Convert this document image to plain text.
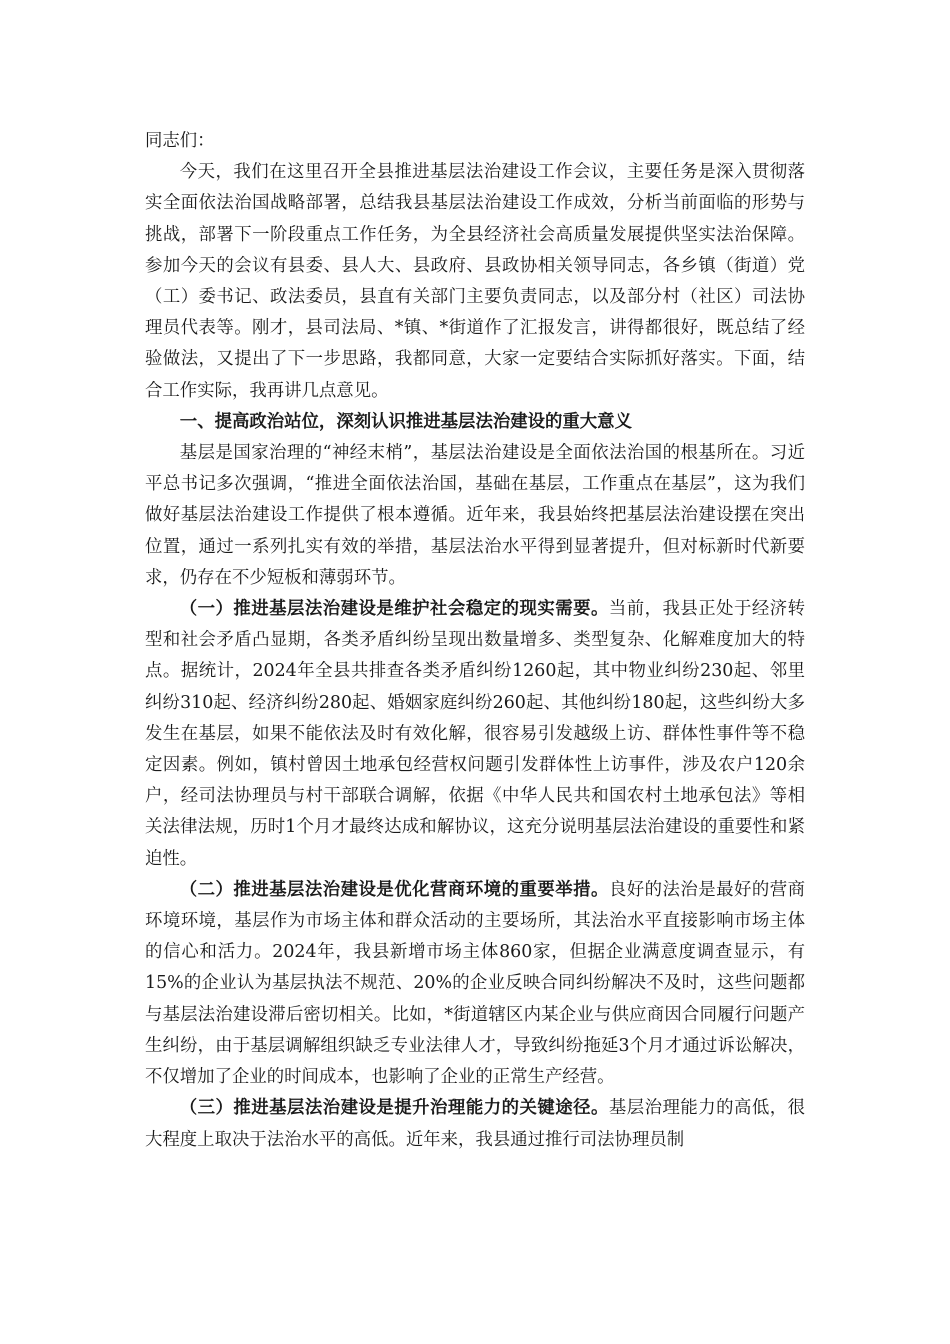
同志们：

今天，我们在这里召开全县推进基层法治建设工作会议，主要任务是深入贯彻落实全面依法治国战略部署，总结我县基层法治建设工作成效，分析当前面临的形势与挑战，部署下一阶段重点工作任务，为全县经济社会高质量发展提供坚实法治保障。参加今天的会议有县委、县人大、县政府、县政协相关领导同志，各乡镇（街道）党（工）委书记、政法委员，县直有关部门主要负责同志，以及部分村（社区）司法协理员代表等。刚才，县司法局、*镇、*街道作了汇报发言，讲得都很好，既总结了经验做法，又提出了下一步思路，我都同意，大家一定要结合实际抓好落实。下面，结合工作实际，我再讲几点意见。

一、提高政治站位，深刻认识推进基层法治建设的重大意义

基层是国家治理的“神经末梢”，基层法治建设是全面依法治国的根基所在。习近平总书记多次强调，“推进全面依法治国，基础在基层，工作重点在基层”，这为我们做好基层法治建设工作提供了根本遵循。近年来，我县始终把基层法治建设摆在突出位置，通过一系列扎实有效的举措，基层法治水平得到显著提升，但对标新时代新要求，仍存在不少短板和薄弱环节。

（一）推进基层法治建设是维护社会稳定的现实需要。当前，我县正处于经济转型和社会矛盾凸显期，各类矛盾纠纷呈现出数量增多、类型复杂、化解难度加大的特点。据统计，2024年全县共排查各类矛盾纠纷1260起，其中物业纠纷230起、邻里纠纷310起、经济纠纷280起、婚姻家庭纠纷260起、其他纠纷180起，这些纠纷大多发生在基层，如果不能依法及时有效化解，很容易引发越级上访、群体性事件等不稳定因素。例如，镇村曾因土地承包经营权问题引发群体性上访事件，涉及农户120余户，经司法协理员与村干部联合调解，依据《中华人民共和国农村土地承包法》等相关法律法规，历时1个月才最终达成和解协议，这充分说明基层法治建设的重要性和紧迫性。

（二）推进基层法治建设是优化营商环境的重要举措。良好的法治是最好的营商环境环境，基层作为市场主体和群众活动的主要场所，其法治水平直接影响市场主体的信心和活力。2024年，我县新增市场主体860家，但据企业满意度调查显示，有15%的企业认为基层执法不规范、20%的企业反映合同纠纷解决不及时，这些问题都与基层法治建设滞后密切相关。比如，*街道辖区内某企业与供应商因合同履行问题产生纠纷，由于基层调解组织缺乏专业法律人才，导致纠纷拖延3个月才通过诉讼解决，不仅增加了企业的时间成本，也影响了企业的正常生产经营。

（三）推进基层法治建设是提升治理能力的关键途径。基层治理能力的高低，很大程度上取决于法治水平的高低。近年来，我县通过推行司法协理员制
